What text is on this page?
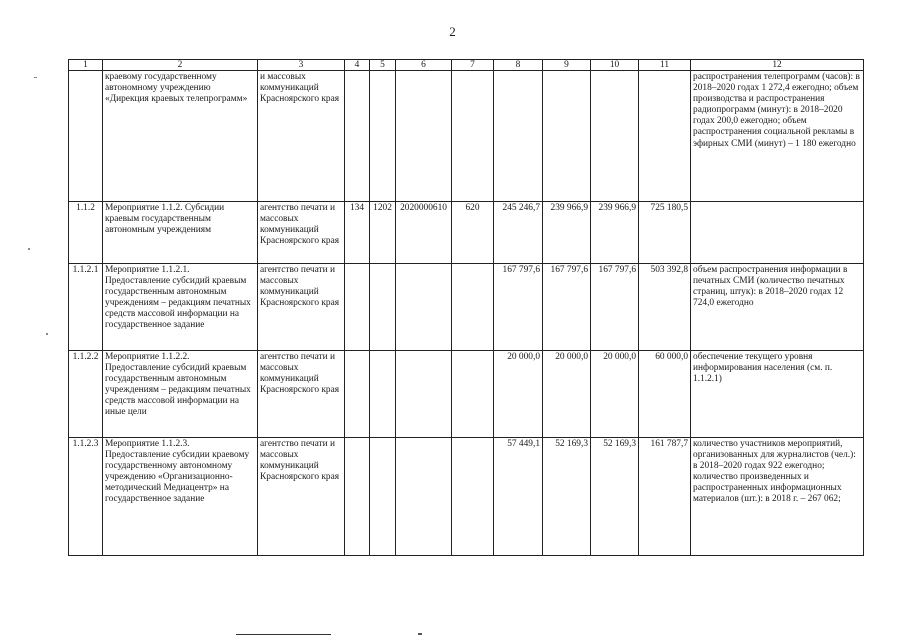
2
1	2	3	4	5	6	7	8	9	10	11	12
	краевому государственному автономному учреждению «Дирекция краевых телепрограмм»	и массовых коммуникаций Красноярского края									распространения телепрограмм (часов): в 2018–2020 годах 1 272,4 ежегодно; объем производства и распространения радиопрограмм (минут): в 2018–2020 годах 200,0 ежегодно; объем распространения социальной рекламы в эфирных СМИ (минут) – 1 180 ежегодно
1.1.2	Мероприятие 1.1.2. Субсидии краевым государственным автономным учреждениям	агентство печати и массовых коммуникаций Красноярского края	134	1202	2020000610	620	245 246,7	239 966,9	239 966,9	725 180,5	
1.1.2.1	Мероприятие 1.1.2.1. Предоставление субсидий краевым государственным автономным учреждениям – редакциям печатных средств массовой информации на государственное задание	агентство печати и массовых коммуникаций Красноярского края					167 797,6	167 797,6	167 797,6	503 392,8	объем распространения информации в печатных СМИ (количество печатных страниц, штук): в 2018–2020 годах 12 724,0 ежегодно
1.1.2.2	Мероприятие 1.1.2.2. Предоставление субсидий краевым государственным автономным учреждениям – редакциям печатных средств массовой информации на иные цели	агентство печати и массовых коммуникаций Красноярского края					20 000,0	20 000,0	20 000,0	60 000,0	обеспечение текущего уровня информирования населения (см. п. 1.1.2.1)
1.1.2.3	Мероприятие 1.1.2.3. Предоставление субсидии краевому государственному автономному учреждению «Организационно-методический Медиацентр» на государственное задание	агентство печати и массовых коммуникаций Красноярского края					57 449,1	52 169,3	52 169,3	161 787,7	количество участников мероприятий, организованных для журналистов (чел.): в 2018–2020 годах 922 ежегодно; количество произведенных и распространенных информационных материалов (шт.): в 2018 г. – 267 062;
